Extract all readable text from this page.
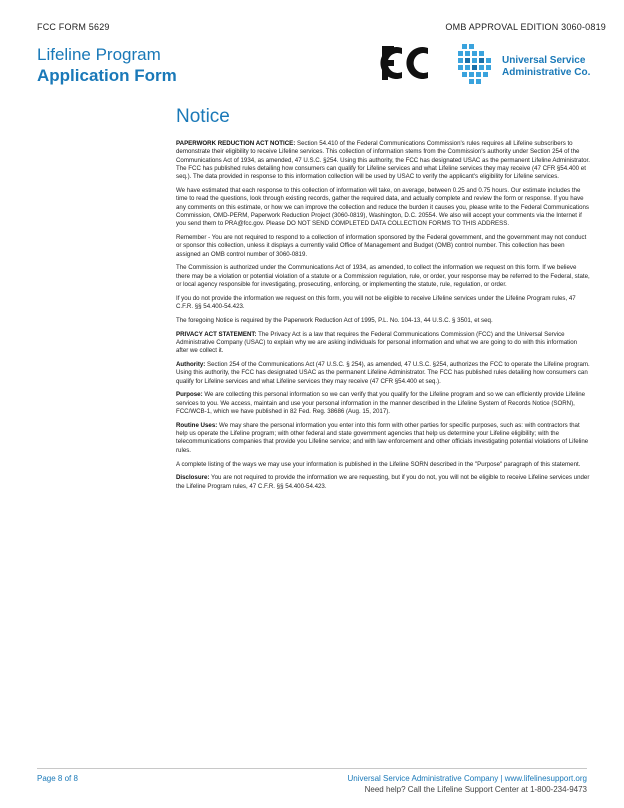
FCC FORM 5629	OMB APPROVAL EDITION 3060-0819
Lifeline Program
Application Form
Universal Service
Administrative Co.
Notice

PAPERWORK REDUCTION ACT NOTICE: Section 54.410 of the Federal Communications Commission's rules requires all Lifeline subscribers to demonstrate their eligibility to receive Lifeline services. This collection of information stems from the Commission's authority under Section 254 of the Communications Act of 1934, as amended, 47 U.S.C. §254. Using this authority, the FCC has designated USAC as the permanent Lifeline Administrator. The FCC has published rules detailing how consumers can qualify for Lifeline services and what Lifeline services they may receive (47 CFR §54.400 et seq.). The data provided in response to this information collection will be used by USAC to verify the applicant's eligibility for Lifeline services.

We have estimated that each response to this collection of information will take, on average, between 0.25 and 0.75 hours. Our estimate includes the time to read the questions, look through existing records, gather the required data, and actually complete and review the form or response. If you have any comments on this estimate, or how we can improve the collection and reduce the burden it causes you, please write to the Federal Communications Commission, OMD-PERM, Paperwork Reduction Project (3060-0819), Washington, D.C. 20554. We also will accept your comments via the Internet if you send them to PRA@fcc.gov. Please DO NOT SEND COMPLETED DATA COLLECTION FORMS TO THIS ADDRESS.

Remember - You are not required to respond to a collection of information sponsored by the Federal government, and the government may not conduct or sponsor this collection, unless it displays a currently valid Office of Management and Budget (OMB) control number. This collection has been assigned an OMB control number of 3060-0819.

The Commission is authorized under the Communications Act of 1934, as amended, to collect the information we request on this form. If we believe there may be a violation or potential violation of a statute or a Commission regulation, rule, or order, your response may be referred to the Federal, state, or local agency responsible for investigating, prosecuting, enforcing, or implementing the statute, rule, regulation, or order.

If you do not provide the information we request on this form, you will not be eligible to receive Lifeline services under the Lifeline Program rules, 47 C.F.R. §§ 54.400-54.423.

The foregoing Notice is required by the Paperwork Reduction Act of 1995, P.L. No. 104-13, 44 U.S.C. § 3501, et seq.

PRIVACY ACT STATEMENT: The Privacy Act is a law that requires the Federal Communications Commission (FCC) and the Universal Service Administrative Company (USAC) to explain why we are asking individuals for personal information and what we are going to do with this information after we collect it.

Authority: Section 254 of the Communications Act (47 U.S.C. § 254), as amended, 47 U.S.C. §254, authorizes the FCC to operate the Lifeline program. Using this authority, the FCC has designated USAC as the permanent Lifeline Administrator. The FCC has published rules detailing how consumers can qualify for Lifeline services and what Lifeline services they may receive (47 CFR §54.400 et seq.).

Purpose: We are collecting this personal information so we can verify that you qualify for the Lifeline program and so we can efficiently provide Lifeline services to you. We access, maintain and use your personal information in the manner described in the Lifeline System of Records Notice (SORN), FCC/WCB-1, which we have published in 82 Fed. Reg. 38686 (Aug. 15, 2017).

Routine Uses: We may share the personal information you enter into this form with other parties for specific purposes, such as: with contractors that help us operate the Lifeline program; with other federal and state government agencies that help us determine your Lifeline eligibility; with the telecommunications companies that provide you Lifeline service; and with law enforcement and other officials investigating potential violations of Lifeline rules.

A complete listing of the ways we may use your information is published in the Lifeline SORN described in the "Purpose" paragraph of this statement.

Disclosure: You are not required to provide the information we are requesting, but if you do not, you will not be eligible to receive Lifeline services under the Lifeline Program rules, 47 C.F.R. §§ 54.400-54.423.

Page 8 of 8	Universal Service Administrative Company | www.lifelinesupport.org
Need help? Call the Lifeline Support Center at 1-800-234-9473
